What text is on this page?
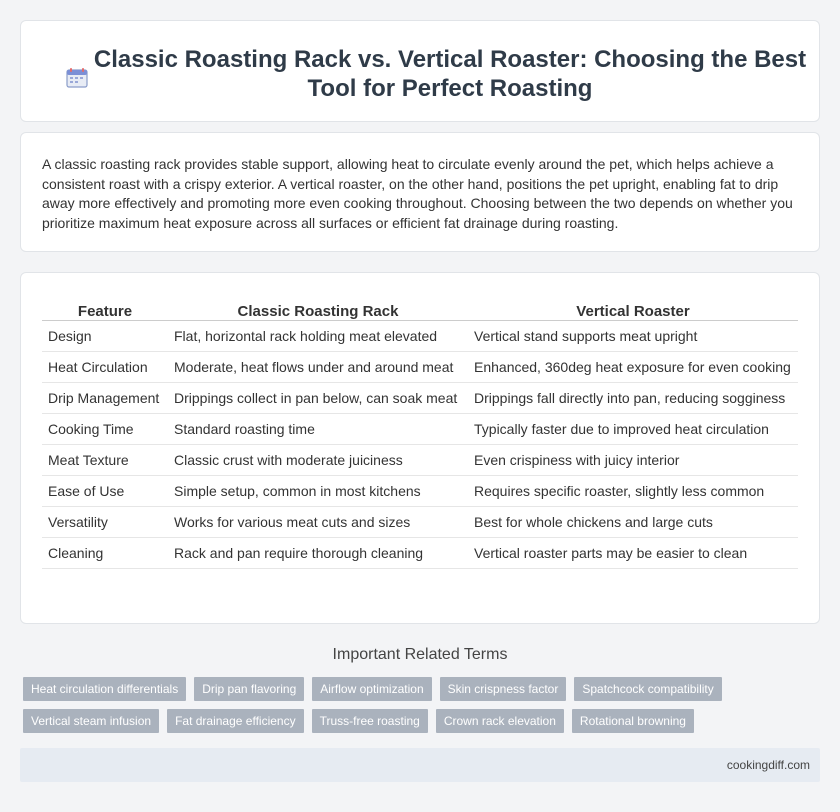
Classic Roasting Rack vs. Vertical Roaster: Choosing the Best Tool for Perfect Roasting

A classic roasting rack provides stable support, allowing heat to circulate evenly around the pet, which helps achieve a consistent roast with a crispy exterior. A vertical roaster, on the other hand, positions the pet upright, enabling fat to drip away more effectively and promoting more even cooking throughout. Choosing between the two depends on whether you prioritize maximum heat exposure across all surfaces or efficient fat drainage during roasting.

Feature	Classic Roasting Rack	Vertical Roaster
Design	Flat, horizontal rack holding meat elevated	Vertical stand supports meat upright
Heat Circulation	Moderate, heat flows under and around meat	Enhanced, 360deg heat exposure for even cooking
Drip Management	Drippings collect in pan below, can soak meat	Drippings fall directly into pan, reducing sogginess
Cooking Time	Standard roasting time	Typically faster due to improved heat circulation
Meat Texture	Classic crust with moderate juiciness	Even crispiness with juicy interior
Ease of Use	Simple setup, common in most kitchens	Requires specific roaster, slightly less common
Versatility	Works for various meat cuts and sizes	Best for whole chickens and large cuts
Cleaning	Rack and pan require thorough cleaning	Vertical roaster parts may be easier to clean
Important Related Terms
Heat circulation differentials	Drip pan flavoring	Airflow optimization	Skin crispness factor	Spatchcock compatibility
Vertical steam infusion	Fat drainage efficiency	Truss-free roasting	Crown rack elevation	Rotational browning
cookingdiff.com
